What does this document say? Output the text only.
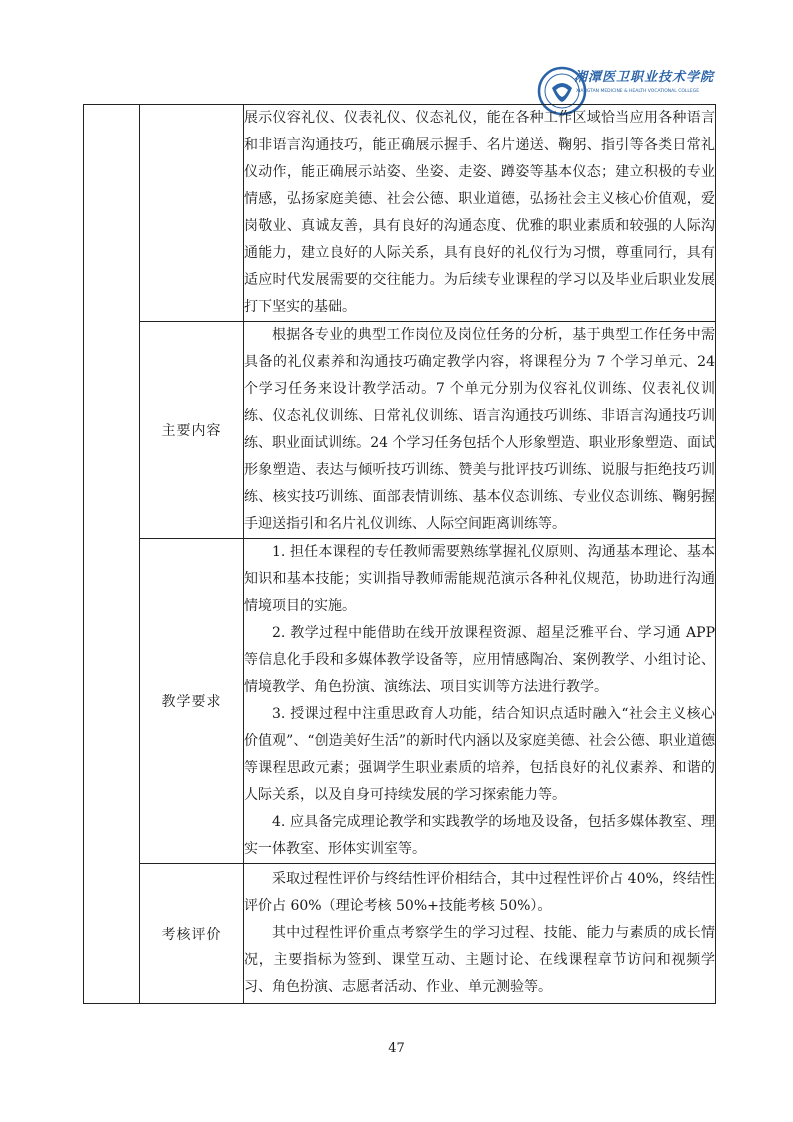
湘潭医卫职业技术学院
XIANGTAN MEDICINE & HEALTH VOCATIONAL COLLEGE

		展示仪容礼仪、仪表礼仪、仪态礼仪，能在各种工作区域恰当应用各种语言和非语言沟通技巧，能正确展示握手、名片递送、鞠躬、指引等各类日常礼仪动作，能正确展示站姿、坐姿、走姿、蹲姿等基本仪态；建立积极的专业情感，弘扬家庭美德、社会公德、职业道德，弘扬社会主义核心价值观，爱岗敬业、真诚友善，具有良好的沟通态度、优雅的职业素质和较强的人际沟通能力，建立良好的人际关系，具有良好的礼仪行为习惯，尊重同行，具有适应时代发展需要的交往能力。为后续专业课程的学习以及毕业后职业发展打下坚实的基础。

	主要内容	根据各专业的典型工作岗位及岗位任务的分析，基于典型工作任务中需具备的礼仪素养和沟通技巧确定教学内容，将课程分为 7 个学习单元、24 个学习任务来设计教学活动。7 个单元分别为仪容礼仪训练、仪表礼仪训练、仪态礼仪训练、日常礼仪训练、语言沟通技巧训练、非语言沟通技巧训练、职业面试训练。24 个学习任务包括个人形象塑造、职业形象塑造、面试形象塑造、表达与倾听技巧训练、赞美与批评技巧训练、说服与拒绝技巧训练、核实技巧训练、面部表情训练、基本仪态训练、专业仪态训练、鞠躬握手迎送指引和名片礼仪训练、人际空间距离训练等。

	教学要求	1. 担任本课程的专任教师需要熟练掌握礼仪原则、沟通基本理论、基本知识和基本技能；实训指导教师需能规范演示各种礼仪规范，协助进行沟通情境项目的实施。

2. 教学过程中能借助在线开放课程资源、超星泛雅平台、学习通 APP 等信息化手段和多媒体教学设备等，应用情感陶冶、案例教学、小组讨论、情境教学、角色扮演、演练法、项目实训等方法进行教学。

3. 授课过程中注重思政育人功能，结合知识点适时融入“社会主义核心价值观”、“创造美好生活”的新时代内涵以及家庭美德、社会公德、职业道德等课程思政元素；强调学生职业素质的培养，包括良好的礼仪素养、和谐的人际关系，以及自身可持续发展的学习探索能力等。

4. 应具备完成理论教学和实践教学的场地及设备，包括多媒体教室、理实一体教室、形体实训室等。

	考核评价	采取过程性评价与终结性评价相结合，其中过程性评价占 40%，终结性评价占 60%（理论考核 50%+技能考核 50%）。

其中过程性评价重点考察学生的学习过程、技能、能力与素质的成长情况，主要指标为签到、课堂互动、主题讨论、在线课程章节访问和视频学习、角色扮演、志愿者活动、作业、单元测验等。

47
